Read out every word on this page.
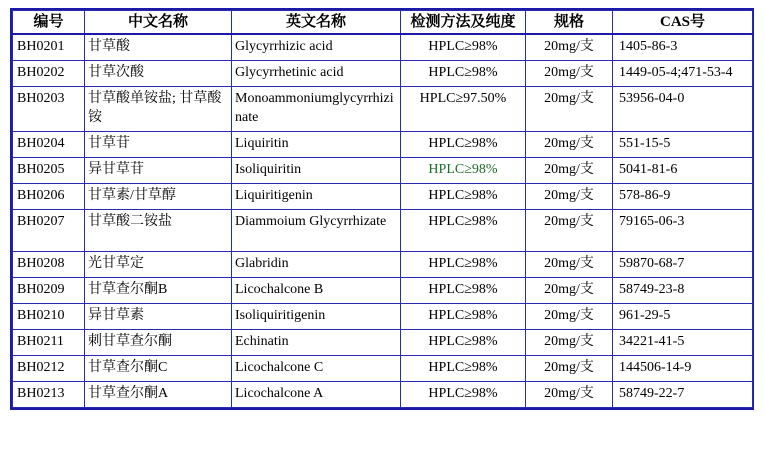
编号	中文名称	英文名称	检测方法及纯度	规格	CAS号
BH0201	甘草酸	Glycyrrhizic acid	HPLC≥98%	20mg/支	1405-86-3
BH0202	甘草次酸	Glycyrrhetinic acid	HPLC≥98%	20mg/支	1449-05-4;471-53-4
BH0203	甘草酸单铵盐; 甘草酸铵	Monoammoniumglycyrrhizinate	HPLC≥97.50%	20mg/支	53956-04-0
BH0204	甘草苷	Liquiritin	HPLC≥98%	20mg/支	551-15-5
BH0205	异甘草苷	Isoliquiritin	HPLC≥98%	20mg/支	5041-81-6
BH0206	甘草素/甘草醇	Liquiritigenin	HPLC≥98%	20mg/支	578-86-9
BH0207	甘草酸二铵盐	Diammoium Glycyrrhizate	HPLC≥98%	20mg/支	79165-06-3
BH0208	光甘草定	Glabridin	HPLC≥98%	20mg/支	59870-68-7
BH0209	甘草查尔酮B	Licochalcone B	HPLC≥98%	20mg/支	58749-23-8
BH0210	异甘草素	Isoliquiritigenin	HPLC≥98%	20mg/支	961-29-5
BH0211	刺甘草查尔酮	Echinatin	HPLC≥98%	20mg/支	34221-41-5
BH0212	甘草查尔酮C	Licochalcone C	HPLC≥98%	20mg/支	144506-14-9
BH0213	甘草查尔酮A	Licochalcone A	HPLC≥98%	20mg/支	58749-22-7
